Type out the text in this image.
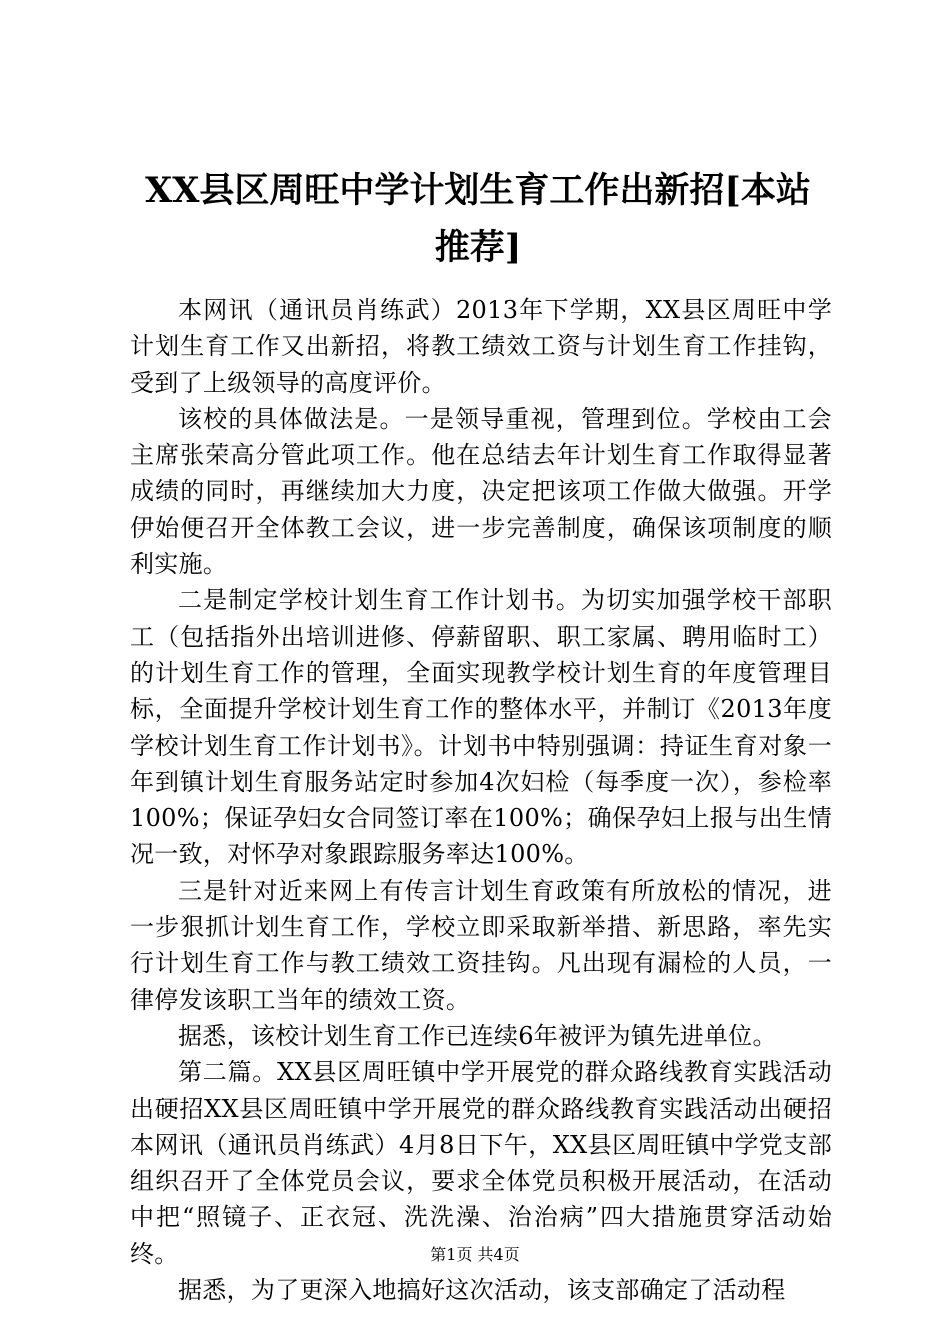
XX县区周旺中学计划生育工作出新招[本站推荐]

本网讯（通讯员肖练武）2013年下学期，XX县区周旺中学计划生育工作又出新招，将教工绩效工资与计划生育工作挂钩，受到了上级领导的高度评价。

该校的具体做法是。一是领导重视，管理到位。学校由工会主席张荣高分管此项工作。他在总结去年计划生育工作取得显著成绩的同时，再继续加大力度，决定把该项工作做大做强。开学伊始便召开全体教工会议，进一步完善制度，确保该项制度的顺利实施。

二是制定学校计划生育工作计划书。为切实加强学校干部职工（包括指外出培训进修、停薪留职、职工家属、聘用临时工）的计划生育工作的管理，全面实现教学校计划生育的年度管理目标，全面提升学校计划生育工作的整体水平，并制订《2013年度学校计划生育工作计划书》。计划书中特别强调：持证生育对象一年到镇计划生育服务站定时参加4次妇检（每季度一次），参检率100%；保证孕妇女合同签订率在100%；确保孕妇上报与出生情况一致，对怀孕对象跟踪服务率达100%。

三是针对近来网上有传言计划生育政策有所放松的情况，进一步狠抓计划生育工作，学校立即采取新举措、新思路，率先实行计划生育工作与教工绩效工资挂钩。凡出现有漏检的人员，一律停发该职工当年的绩效工资。

据悉，该校计划生育工作已连续6年被评为镇先进单位。

第二篇。XX县区周旺镇中学开展党的群众路线教育实践活动出硬招XX县区周旺镇中学开展党的群众路线教育实践活动出硬招本网讯（通讯员肖练武）4月8日下午，XX县区周旺镇中学党支部组织召开了全体党员会议，要求全体党员积极开展活动，在活动中把“照镜子、正衣冠、洗洗澡、治治病”四大措施贯穿活动始终。

据悉，为了更深入地搞好这次活动，该支部确定了活动程

第1页 共4页
